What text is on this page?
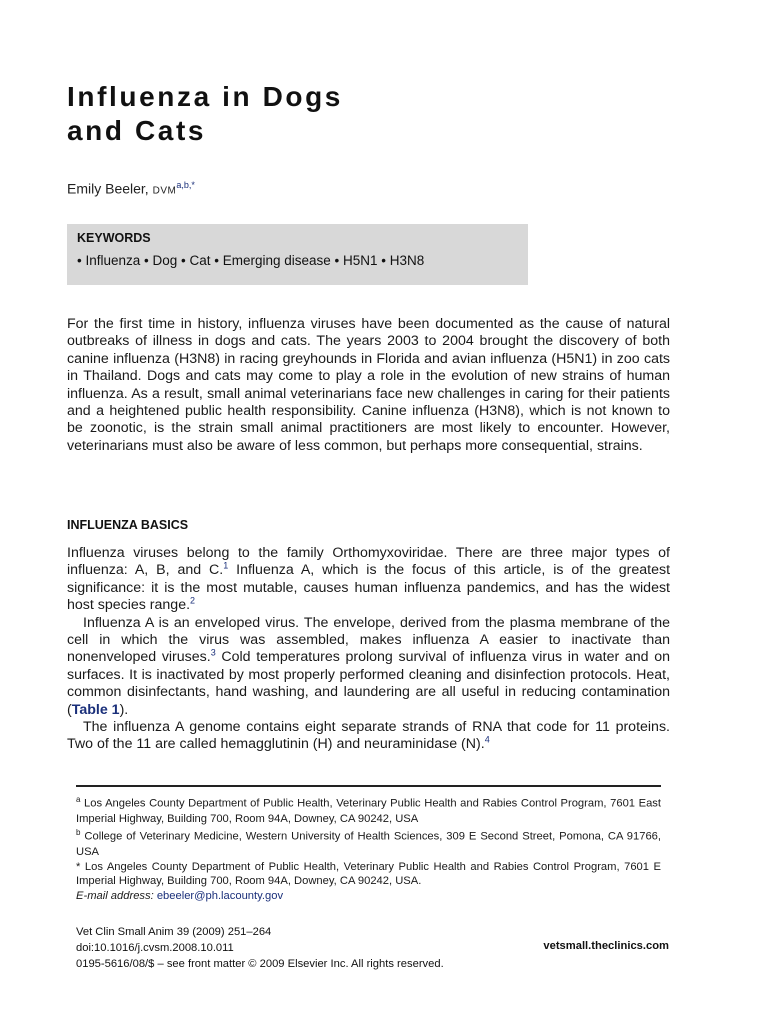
Influenza in Dogs
and Cats
Emily Beeler, $DVM^{a,b,*}$
KEYWORDS
• Influenza • Dog • Cat • Emerging disease • H5N1 • H3N8

For the first time in history, influenza viruses have been documented as the cause of natural outbreaks of illness in dogs and cats. The years 2003 to 2004 brought the discovery of both canine influenza (H3N8) in racing greyhounds in Florida and avian influenza (H5N1) in zoo cats in Thailand. Dogs and cats may come to play a role in the evolution of new strains of human influenza. As a result, small animal veterinarians face new challenges in caring for their patients and a heightened public health responsibility. Canine influenza (H3N8), which is not known to be zoonotic, is the strain small animal practitioners are most likely to encounter. However, veterinarians must also be aware of less common, but perhaps more consequential, strains.

INFLUENZA BASICS

Influenza viruses belong to the family Orthomyxoviridae. There are three major types of influenza: A, B, and C.$^1$ Influenza A, which is the focus of this article, is of the greatest significance: it is the most mutable, causes human influenza pandemics, and has the widest host species range.$^2$

Influenza A is an enveloped virus. The envelope, derived from the plasma membrane of the cell in which the virus was assembled, makes influenza A easier to inactivate than nonenveloped viruses.$^3$ Cold temperatures prolong survival of influenza virus in water and on surfaces. It is inactivated by most properly performed cleaning and disinfection protocols. Heat, common disinfectants, hand washing, and laundering are all useful in reducing contamination (Table 1).

The influenza A genome contains eight separate strands of RNA that code for 11 proteins. Two of the 11 are called hemagglutinin (H) and neuraminidase (N).$^4$

$^a$ Los Angeles County Department of Public Health, Veterinary Public Health and Rabies Control Program, 7601 East Imperial Highway, Building 700, Room 94A, Downey, CA 90242, USA

$^b$ College of Veterinary Medicine, Western University of Health Sciences, 309 E Second Street, Pomona, CA 91766, USA

* Los Angeles County Department of Public Health, Veterinary Public Health and Rabies Control Program, 7601 E Imperial Highway, Building 700, Room 94A, Downey, CA 90242, USA.

E-mail address: ebeeler@ph.lacounty.gov

Vet Clin Small Anim 39 (2009) 251–264
doi:10.1016/j.cvsm.2008.10.011
0195-5616/08/$ – see front matter © 2009 Elsevier Inc. All rights reserved.
vetsmall.theclinics.com
